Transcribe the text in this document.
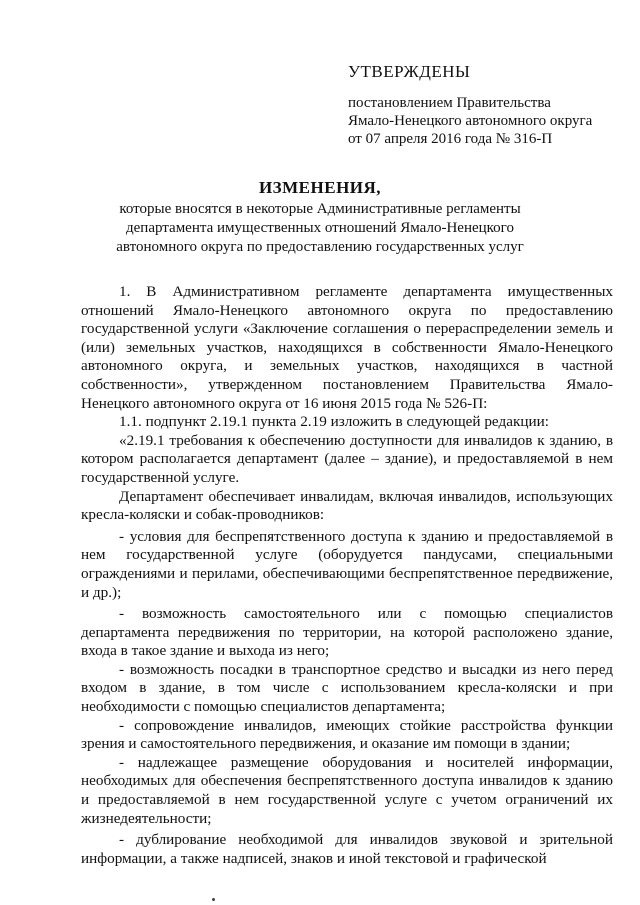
УТВЕРЖДЕНЫ
постановлением Правительства
Ямало-Ненецкого автономного округа
от 07 апреля 2016 года № 316-П
ИЗМЕНЕНИЯ,
которые вносятся в некоторые Административные регламенты
департамента имущественных отношений Ямало-Ненецкого
автономного округа по предоставлению государственных услуг

1. В Административном регламенте департамента имущественных отношений Ямало-Ненецкого автономного округа по предоставлению государственной услуги «Заключение соглашения о перераспределении земель и (или) земельных участков, находящихся в собственности Ямало-Ненецкого автономного округа, и земельных участков, находящихся в частной собственности», утвержденном постановлением Правительства Ямало-Ненецкого автономного округа от 16 июня 2015 года № 526-П:

1.1. подпункт 2.19.1 пункта 2.19 изложить в следующей редакции:

«2.19.1 требования к обеспечению доступности для инвалидов к зданию, в котором располагается департамент (далее – здание), и предоставляемой в нем государственной услуге.

Департамент обеспечивает инвалидам, включая инвалидов, использующих кресла-коляски и собак-проводников:

- условия для беспрепятственного доступа к зданию и предоставляемой в нем государственной услуге (оборудуется пандусами, специальными ограждениями и перилами, обеспечивающими беспрепятственное передвижение, и др.);

- возможность самостоятельного или с помощью специалистов департамента передвижения по территории, на которой расположено здание, входа в такое здание и выхода из него;

- возможность посадки в транспортное средство и высадки из него перед входом в здание, в том числе с использованием кресла-коляски и при необходимости с помощью специалистов департамента;

- сопровождение инвалидов, имеющих стойкие расстройства функции зрения и самостоятельного передвижения, и оказание им помощи в здании;

- надлежащее размещение оборудования и носителей информации, необходимых для обеспечения беспрепятственного доступа инвалидов к зданию и предоставляемой в нем государственной услуге с учетом ограничений их жизнедеятельности;

- дублирование необходимой для инвалидов звуковой и зрительной информации, а также надписей, знаков и иной текстовой и графической
